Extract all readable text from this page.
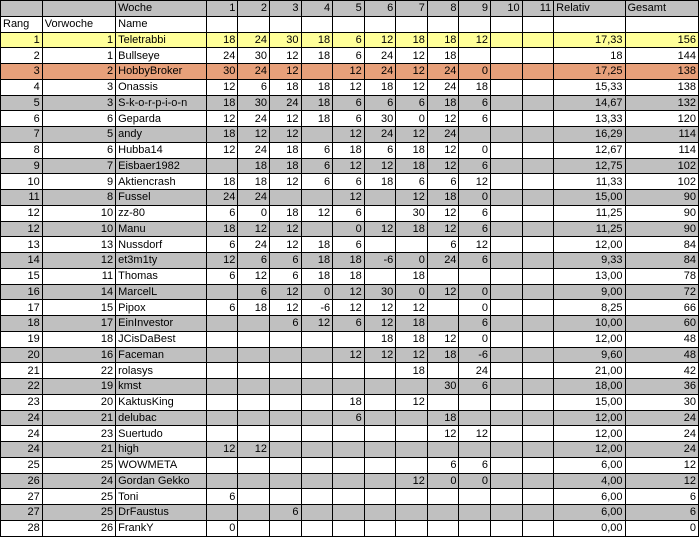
		Woche	1	2	3	4	5	6	7	8	9	10	11	Relativ	Gesamt
Rang	Vorwoche	Name													
1	1	Teletrabbi	18	24	30	18	6	12	18	18	12			17,33	156
2	1	Bullseye	24	30	12	18	6	24	12	18				18	144
3	2	HobbyBroker	30	24	12		12	24	12	24	0			17,25	138
4	3	Onassis	12	6	18	18	12	18	12	24	18			15,33	138
5	3	S-k-o-r-p-i-o-n	18	30	24	18	6	6	6	18	6			14,67	132
6	6	Geparda	12	24	12	18	6	30	0	12	6			13,33	120
7	5	andy	18	12	12		12	24	12	24				16,29	114
8	6	Hubba14	12	24	18	6	18	6	18	12	0			12,67	114
9	7	Eisbaer1982		18	18	6	12	12	18	12	6			12,75	102
10	9	Aktiencrash	18	18	12	6	6	18	6	6	12			11,33	102
11	8	Fussel	24	24			12		12	18	0			15,00	90
12	10	zz-80	6	0	18	12	6		30	12	6			11,25	90
12	10	Manu	18	12	12		0	12	18	12	6			11,25	90
13	13	Nussdorf	6	24	12	18	6			6	12			12,00	84
14	12	et3m1ty	12	6	6	18	18	-6	0	24	6			9,33	84
15	11	Thomas	6	12	6	18	18		18					13,00	78
16	14	MarcelL		6	12	0	12	30	0	12	0			9,00	72
17	15	Pipox	6	18	12	-6	12	12	12		0			8,25	66
18	17	EinInvestor			6	12	6	12	18		6			10,00	60
19	18	JCisDaBest						18	18	12	0			12,00	48
20	16	Faceman					12	12	12	18	-6			9,60	48
21	22	rolasys							18		24			21,00	42
22	19	kmst								30	6			18,00	36
23	20	KaktusKing					18		12					15,00	30
24	21	delubac					6			18				12,00	24
24	23	Suertudo								12	12			12,00	24
24	21	high	12	12										12,00	24
25	25	WOWMETA								6	6			6,00	12
26	24	Gordan Gekko							12	0	0			4,00	12
27	25	Toni	6											6,00	6
27	25	DrFaustus			6									6,00	6
28	26	FrankY	0											0,00	0
